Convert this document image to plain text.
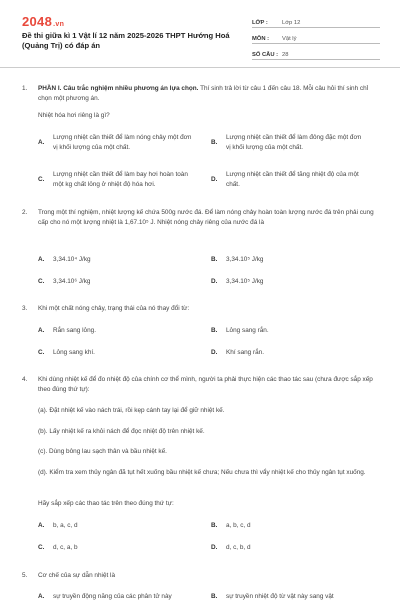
2048.vn
Đề thi giữa kì 1 Vật lí 12 năm 2025-2026 THPT Hướng Hoá (Quảng Trị) có đáp án
LỚP :	Lớp 12
MÔN :	Vật lý
SỐ CÂU : 28
1. PHẦN I. Câu trắc nghiệm nhiều phương án lựa chọn. Thí sinh trả lời từ câu 1 đến câu 18. Mỗi câu hỏi thí sinh chỉ chọn một phương án.
Nhiệt hóa hơi riêng là gì?
A.
Lượng nhiệt cần thiết để làm nóng chảy một đơn vị khối lượng của một chất.
B.
Lượng nhiệt cần thiết để làm đông đặc một đơn vị khối lượng của một chất.
C.
Lượng nhiệt cần thiết để làm bay hơi hoàn toàn một kg chất lỏng ở nhiệt độ hóa hơi.
D.
Lượng nhiệt cần thiết để tăng nhiệt độ của một chất.
2. Trong một thí nghiệm, nhiệt lượng kế chứa 500g nước đá. Để làm nóng chảy hoàn toàn lượng nước đá trên phải cung cấp cho nó một lượng nhiệt là 1,67.10⁵ J. Nhiệt nóng chảy riêng của nước đá là
A. 3,34.10⁴ J/kg	B. 3,34.10⁵ J/kg
C. 3,34.10⁶ J/kg	D. 3,34.10⁵ J/kg
3. Khi một chất nóng chảy, trạng thái của nó thay đổi từ:
A. Rắn sang lỏng.	B. Lỏng sang rắn.
C. Lỏng sang khí.	D. Khí sang rắn.
4. Khi dùng nhiệt kế để đo nhiệt độ của chính cơ thể mình, người ta phải thực hiện các thao tác sau (chưa được sắp xếp theo đúng thứ tự):
(a). Đặt nhiệt kế vào nách trái, rồi kẹp cánh tay lại để giữ nhiệt kế.
(b). Lấy nhiệt kế ra khỏi nách để đọc nhiệt độ trên nhiệt kế.
(c). Dùng bông lau sạch thân và bầu nhiệt kế.
(d). Kiểm tra xem thủy ngân đã tụt hết xuống bầu nhiệt kế chưa; Nếu chưa thì vẩy nhiệt kế cho thủy ngân tụt xuống.
Hãy sắp xếp các thao tác trên theo đúng thứ tự:
A. b, a, c, d	B. a, b, c, d
C. d, c, a, b	D. d, c, b, d
5. Cơ chế của sự dẫn nhiệt là
A. sự truyền động năng của các phân tử này	B. sự truyền nhiệt độ từ vật này sang vật
